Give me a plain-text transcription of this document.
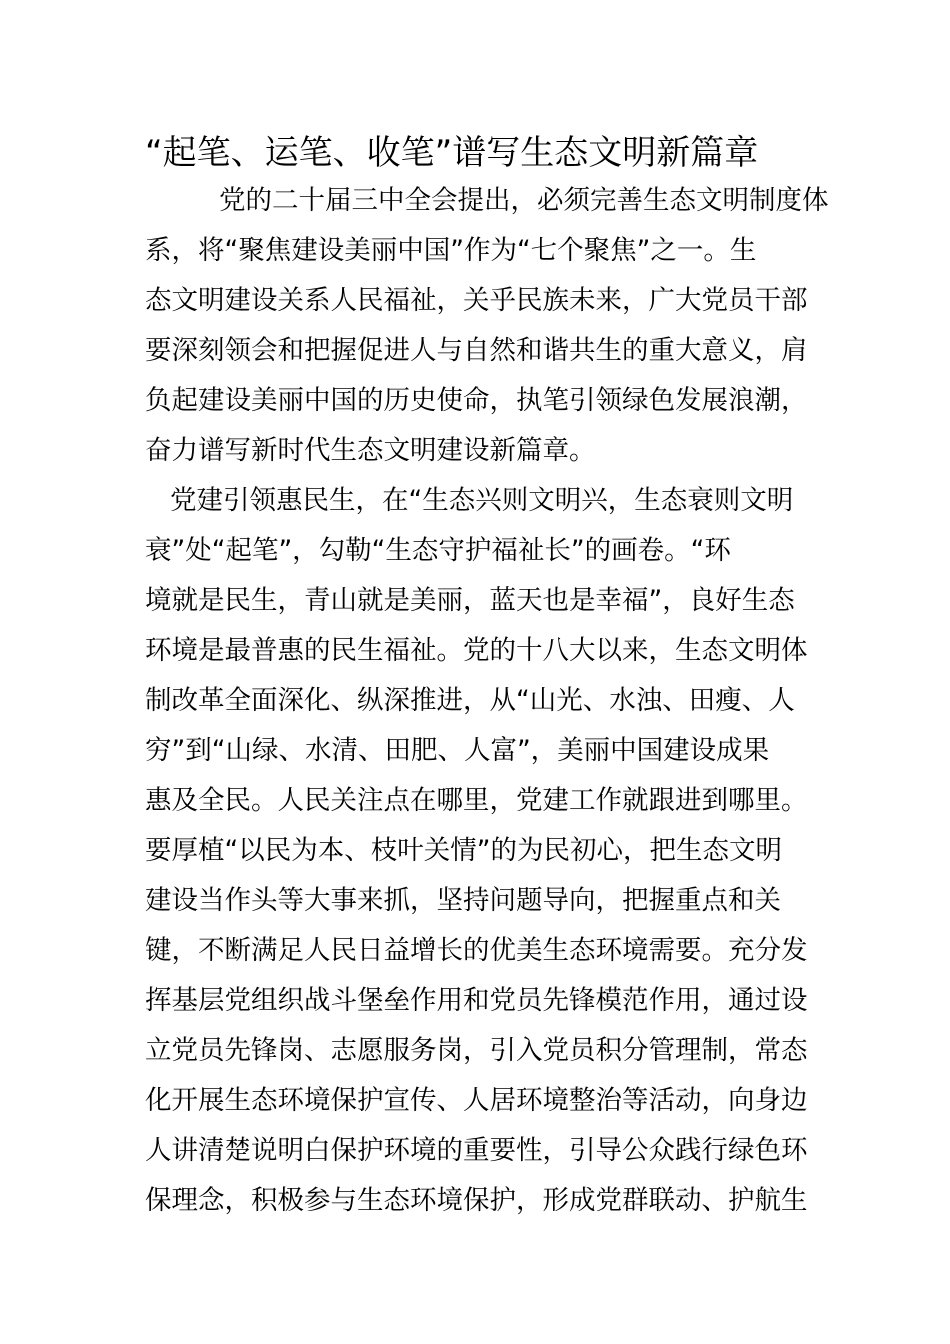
“起笔、运笔、收笔”谱写生态文明新篇章
党的二十届三中全会提出，必须完善生态文明制度体
系，将“聚焦建设美丽中国”作为“七个聚焦”之一。生
态文明建设关系人民福祉，关乎民族未来，广大党员干部
要深刻领会和把握促进人与自然和谐共生的重大意义，肩
负起建设美丽中国的历史使命，执笔引领绿色发展浪潮，
奋力谱写新时代生态文明建设新篇章。
党建引领惠民生，在“生态兴则文明兴，生态衰则文明
衰”处“起笔”，勾勒“生态守护福祉长”的画卷。“环
境就是民生，青山就是美丽，蓝天也是幸福”，良好生态
环境是最普惠的民生福祉。党的十八大以来，生态文明体
制改革全面深化、纵深推进，从“山光、水浊、田瘦、人
穷”到“山绿、水清、田肥、人富”，美丽中国建设成果
惠及全民。人民关注点在哪里，党建工作就跟进到哪里。
要厚植“以民为本、枝叶关情”的为民初心，把生态文明
建设当作头等大事来抓，坚持问题导向，把握重点和关
键，不断满足人民日益增长的优美生态环境需要。充分发
挥基层党组织战斗堡垒作用和党员先锋模范作用，通过设
立党员先锋岗、志愿服务岗，引入党员积分管理制，常态
化开展生态环境保护宣传、人居环境整治等活动，向身边
人讲清楚说明白保护环境的重要性，引导公众践行绿色环
保理念，积极参与生态环境保护，形成党群联动、护航生
